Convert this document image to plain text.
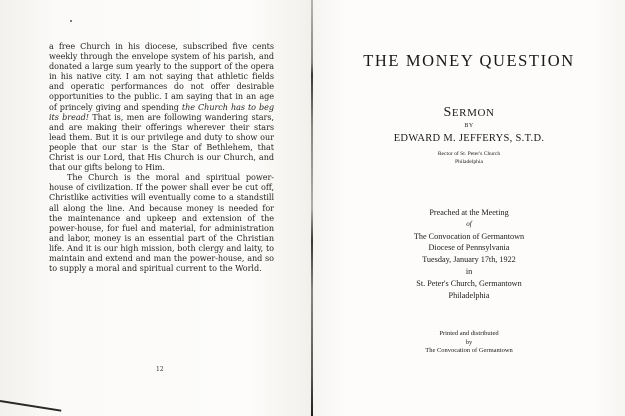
a free Church in his diocese, subscribed five cents weekly through the envelope system of his parish, and donated a large sum yearly to the support of the opera in his native city. I am not saying that athletic fields and operatic performances do not offer desirable opportunities to the public. I am saying that in an age of princely giving and spending the Church has to beg its bread! That is, men are following wandering stars, and are making their offerings wherever their stars lead them. But it is our privilege and duty to show our people that our star is the Star of Bethlehem, that Christ is our Lord, that His Church is our Church, and that our gifts belong to Him.

The Church is the moral and spiritual power-house of civilization. If the power shall ever be cut off, Christlike activities will eventually come to a standstill all along the line. And because money is needed for the maintenance and upkeep and extension of the power-house, for fuel and material, for administration and labor, money is an essential part of the Christian life. And it is our high mission, both clergy and laity, to maintain and extend and man the power-house, and so to supply a moral and spiritual current to the World.

12
THE MONEY QUESTION
SERMON
BY
EDWARD M. JEFFERYS, S.T.D.
Rector of St. Peter's Church
Philadelphia
Preached at the Meeting
of
The Convocation of Germantown
Diocese of Pennsylvania
Tuesday, January 17th, 1922
in
St. Peter's Church, Germantown
Philadelphia
Printed and distributed
by
The Convocation of Germantown
